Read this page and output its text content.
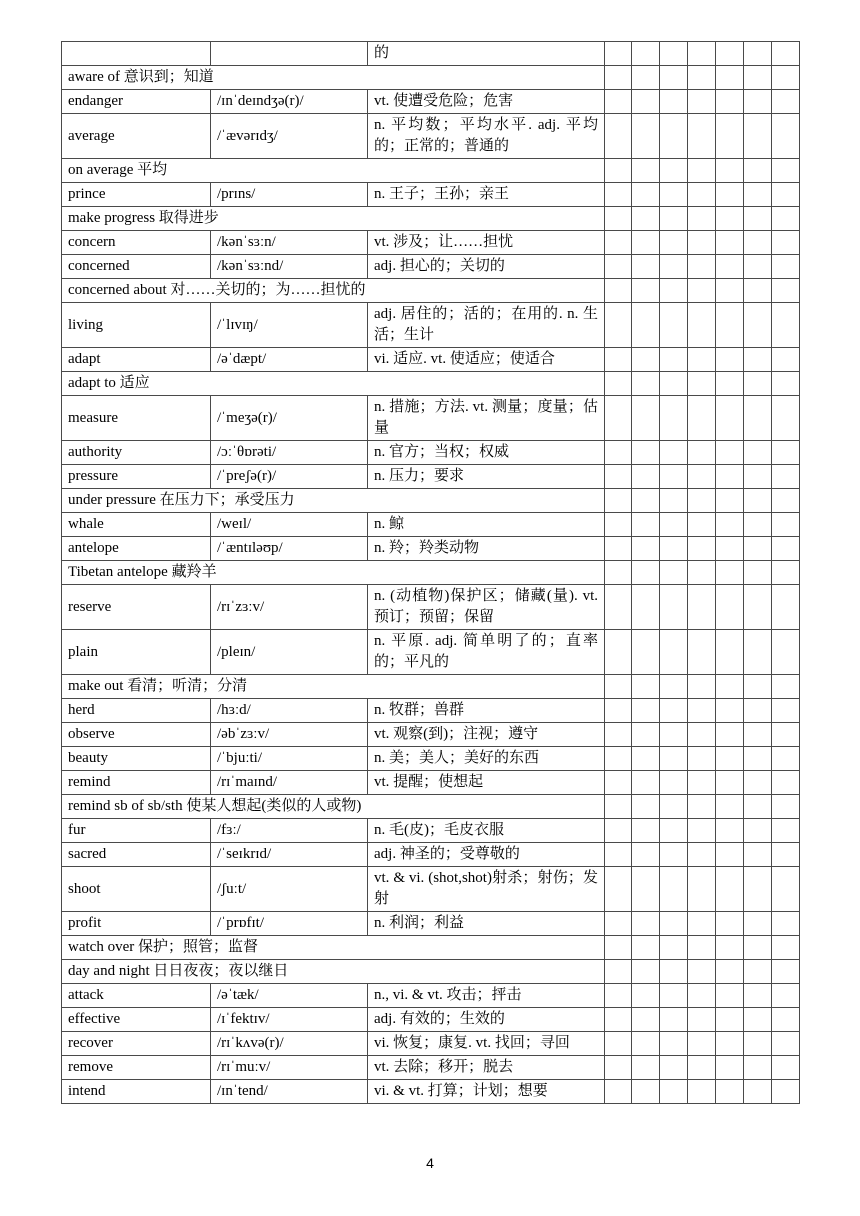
		的							
aware of 意识到；知道									
endanger	/ɪnˈdeɪndʒə(r)/	vt. 使遭受危险；危害							
average	/ˈævərɪdʒ/	n. 平均数；平均水平. adj. 平均的；正常的；普通的							
on average 平均									
prince	/prɪns/	n. 王子；王孙；亲王							
make progress 取得进步									
concern	/kənˈsɜːn/	vt. 涉及；让……担忧							
concerned	/kənˈsɜːnd/	adj. 担心的；关切的							
concerned about 对……关切的；为……担忧的									
living	/ˈlɪvɪŋ/	adj. 居住的；活的；在用的. n. 生活；生计							
adapt	/əˈdæpt/	vi. 适应. vt. 使适应；使适合							
adapt to 适应									
measure	/ˈmeʒə(r)/	n. 措施；方法. vt. 测量；度量；估量							
authority	/ɔːˈθɒrəti/	n. 官方；当权；权威							
pressure	/ˈpreʃə(r)/	n. 压力；要求							
under pressure 在压力下；承受压力									
whale	/weɪl/	n. 鲸							
antelope	/ˈæntɪləʊp/	n. 羚；羚类动物							
Tibetan antelope 藏羚羊									
reserve	/rɪˈzɜːv/	n. (动植物)保护区；储藏(量). vt. 预订；预留；保留							
plain	/pleɪn/	n. 平原. adj. 简单明了的；直率的；平凡的							
make out 看清；听清；分清									
herd	/hɜːd/	n. 牧群；兽群							
observe	/əbˈzɜːv/	vt. 观察(到)；注视；遵守							
beauty	/ˈbjuːti/	n. 美；美人；美好的东西							
remind	/rɪˈmaɪnd/	vt. 提醒；使想起							
remind sb of sb/sth 使某人想起(类似的人或物)									
fur	/fɜː/	n. 毛(皮)；毛皮衣服							
sacred	/ˈseɪkrɪd/	adj. 神圣的；受尊敬的							
shoot	/ʃuːt/	vt. & vi. (shot,shot)射杀；射伤；发射							
profit	/ˈprɒfɪt/	n. 利润；利益							
watch over 保护；照管；监督									
day and night 日日夜夜；夜以继日									
attack	/əˈtæk/	n., vi. & vt. 攻击；抨击							
effective	/ɪˈfektɪv/	adj. 有效的；生效的							
recover	/rɪˈkʌvə(r)/	vi. 恢复；康复. vt. 找回；寻回							
remove	/rɪˈmuːv/	vt. 去除；移开；脱去							
intend	/ɪnˈtend/	vi. & vt. 打算；计划；想要							
4
